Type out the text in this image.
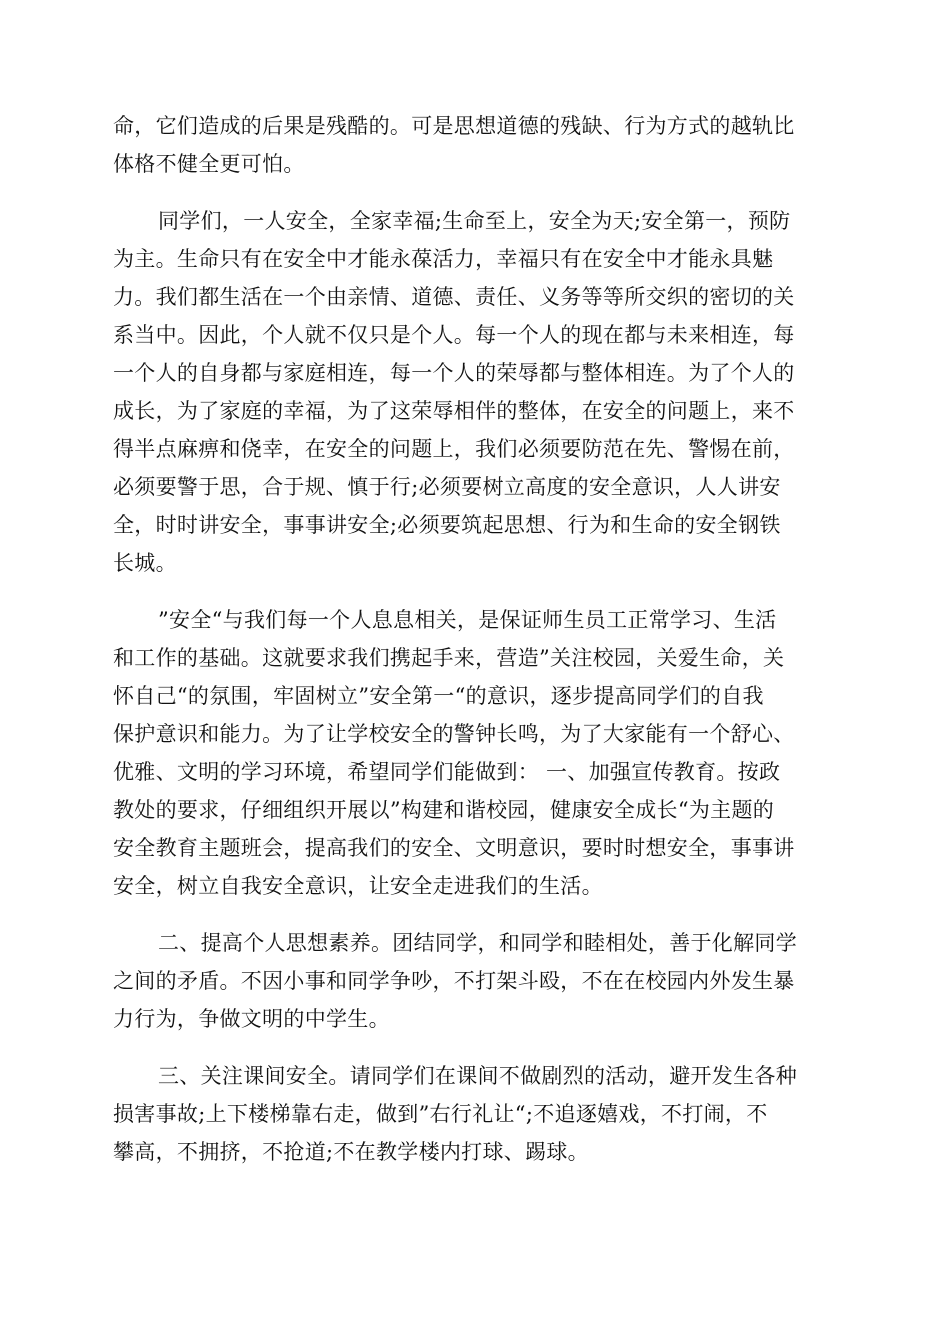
命，它们造成的后果是残酷的。可是思想道德的残缺、行为方式的越轨比
体格不健全更可怕。
同学们，一人安全，全家幸福;生命至上，安全为天;安全第一，预防
为主。生命只有在安全中才能永葆活力，幸福只有在安全中才能永具魅
力。我们都生活在一个由亲情、道德、责任、义务等等所交织的密切的关
系当中。因此，个人就不仅只是个人。每一个人的现在都与未来相连，每
一个人的自身都与家庭相连，每一个人的荣辱都与整体相连。为了个人的
成长，为了家庭的幸福，为了这荣辱相伴的整体，在安全的问题上，来不
得半点麻痹和侥幸，在安全的问题上，我们必须要防范在先、警惕在前，
必须要警于思，合于规、慎于行;必须要树立高度的安全意识，人人讲安
全，时时讲安全，事事讲安全;必须要筑起思想、行为和生命的安全钢铁
长城。
”安全“与我们每一个人息息相关，是保证师生员工正常学习、生活
和工作的基础。这就要求我们携起手来，营造”关注校园，关爱生命，关
怀自己“的氛围，牢固树立”安全第一“的意识，逐步提高同学们的自我
保护意识和能力。为了让学校安全的警钟长鸣，为了大家能有一个舒心、
优雅、文明的学习环境，希望同学们能做到： 一、加强宣传教育。按政
教处的要求，仔细组织开展以”构建和谐校园，健康安全成长“为主题的
安全教育主题班会，提高我们的安全、文明意识，要时时想安全，事事讲
安全，树立自我安全意识，让安全走进我们的生活。
二、提高个人思想素养。团结同学，和同学和睦相处，善于化解同学
之间的矛盾。不因小事和同学争吵，不打架斗殴，不在在校园内外发生暴
力行为，争做文明的中学生。
三、关注课间安全。请同学们在课间不做剧烈的活动，避开发生各种
损害事故;上下楼梯靠右走，做到”右行礼让“;不追逐嬉戏，不打闹，不
攀高，不拥挤，不抢道;不在教学楼内打球、踢球。
